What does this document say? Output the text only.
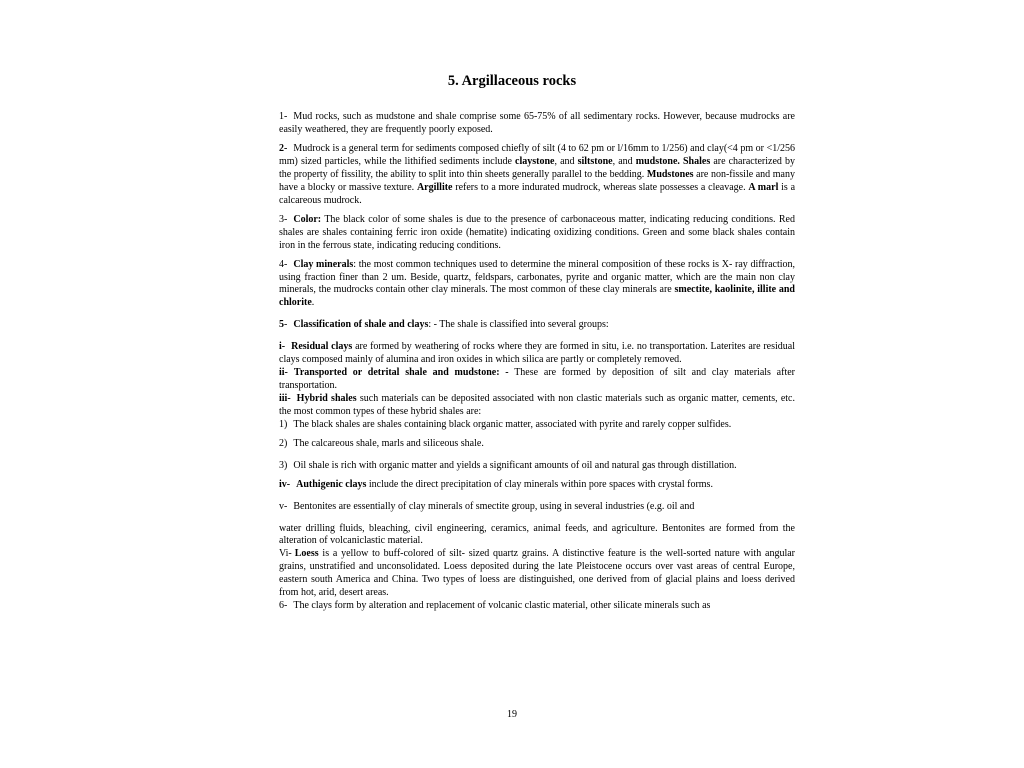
5. Argillaceous rocks

1- Mud rocks, such as mudstone and shale comprise some 65-75% of all sedimentary rocks. However, because mudrocks are easily weathered, they are frequently poorly exposed.

2- Mudrock is a general term for sediments composed chiefly of silt (4 to 62 pm or l/16mm to 1/256) and clay(<4 pm or <1/256 mm) sized particles, while the lithified sediments include claystone, and siltstone, and mudstone. Shales are characterized by the property of fissility, the ability to split into thin sheets generally parallel to the bedding. Mudstones are non-fissile and many have a blocky or massive texture. Argillite refers to a more indurated mudrock, whereas slate possesses a cleavage. A marl is a calcareous mudrock.

3- Color: The black color of some shales is due to the presence of carbonaceous matter, indicating reducing conditions. Red shales are shales containing ferric iron oxide (hematite) indicating oxidizing conditions. Green and some black shales contain iron in the ferrous state, indicating reducing conditions.

4- Clay minerals: the most common techniques used to determine the mineral composition of these rocks is X- ray diffraction, using fraction finer than 2 um. Beside, quartz, feldspars, carbonates, pyrite and organic matter, which are the main non clay minerals, the mudrocks contain other clay minerals. The most common of these clay minerals are smectite, kaolinite, illite and chlorite.

5- Classification of shale and clays: - The shale is classified into several groups:

i- Residual clays are formed by weathering of rocks where they are formed in situ, i.e. no transportation. Laterites are residual clays composed mainly of alumina and iron oxides in which silica are partly or completely removed.

ii- Transported or detrital shale and mudstone: - These are formed by deposition of silt and clay materials after transportation.

iii- Hybrid shales such materials can be deposited associated with non clastic materials such as organic matter, cements, etc. the most common types of these hybrid shales are:

1) The black shales are shales containing black organic matter, associated with pyrite and rarely copper sulfides.

2) The calcareous shale, marls and siliceous shale.

3) Oil shale is rich with organic matter and yields a significant amounts of oil and natural gas through distillation.

iv- Authigenic clays include the direct precipitation of clay minerals within pore spaces with crystal forms.

v- Bentonites are essentially of clay minerals of smectite group, using in several industries (e.g. oil and

water drilling fluids, bleaching, civil engineering, ceramics, animal feeds, and agriculture. Bentonites are formed from the alteration of volcaniclastic material.

Vi- Loess is a yellow to buff-colored of silt- sized quartz grains. A distinctive feature is the well-sorted nature with angular grains, unstratified and unconsolidated. Loess deposited during the late Pleistocene occurs over vast areas of central Europe, eastern south America and China. Two types of loess are distinguished, one derived from of glacial plains and loess derived from hot, arid, desert areas.

6- The clays form by alteration and replacement of volcanic clastic material, other silicate minerals such as

19
